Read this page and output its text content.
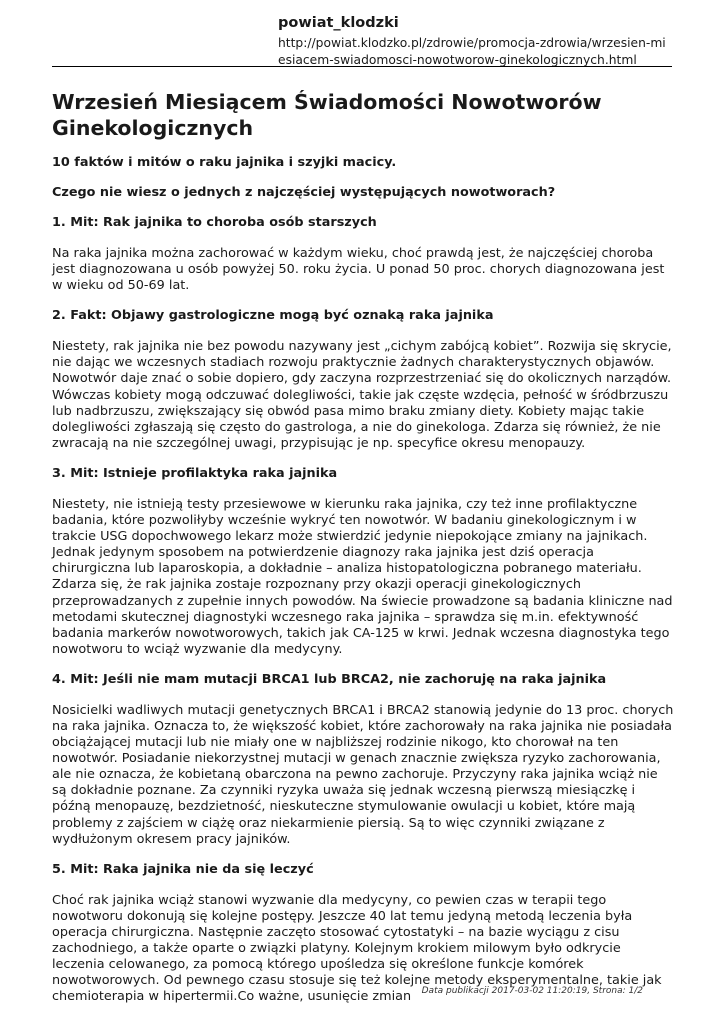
powiat_klodzki
http://powiat.klodzko.pl/zdrowie/promocja-zdrowia/wrzesien-mi
esiacem-swiadomosci-nowotworow-ginekologicznych.html
Wrzesień Miesiącem Świadomości Nowotworów Ginekologicznych
10 faktów i mitów o raku jajnika i szyjki macicy.
Czego nie wiesz o jednych z najczęściej występujących nowotworach?
1. Mit: Rak jajnika to choroba osób starszych
Na raka jajnika można zachorować w każdym wieku, choć prawdą jest, że najczęściej choroba jest diagnozowana u osób powyżej 50. roku życia. U ponad 50 proc. chorych diagnozowana jest w wieku od 50-69 lat.
2. Fakt: Objawy gastrologiczne mogą być oznaką raka jajnika
Niestety, rak jajnika nie bez powodu nazywany jest „cichym zabójcą kobiet”. Rozwija się skrycie, nie dając we wczesnych stadiach rozwoju praktycznie żadnych charakterystycznych objawów. Nowotwór daje znać o sobie dopiero, gdy zaczyna rozprzestrzeniać się do okolicznych narządów. Wówczas kobiety mogą odczuwać dolegliwości, takie jak częste wzdęcia, pełność w śródbrzuszu lub nadbrzuszu, zwiększający się obwód pasa mimo braku zmiany diety. Kobiety mając takie dolegliwości zgłaszają się często do gastrologa, a nie do ginekologa. Zdarza się również, że nie zwracają na nie szczególnej uwagi, przypisując je np. specyfice okresu menopauzy.
3. Mit: Istnieje profilaktyka raka jajnika
Niestety, nie istnieją testy przesiewowe w kierunku raka jajnika, czy też inne profilaktyczne badania, które pozwoliłyby wcześnie wykryć ten nowotwór. W badaniu ginekologicznym i w trakcie USG dopochwowego lekarz może stwierdzić jedynie niepokojące zmiany na jajnikach. Jednak jedynym sposobem na potwierdzenie diagnozy raka jajnika jest dziś operacja chirurgiczna lub laparoskopia, a dokładnie – analiza histopatologiczna pobranego materiału. Zdarza się, że rak jajnika zostaje rozpoznany przy okazji operacji ginekologicznych przeprowadzanych z zupełnie innych powodów. Na świecie prowadzone są badania kliniczne nad metodami skutecznej diagnostyki wczesnego raka jajnika – sprawdza się m.in. efektywność badania markerów nowotworowych, takich jak CA-125 w krwi. Jednak wczesna diagnostyka tego nowotworu to wciąż wyzwanie dla medycyny.
4. Mit: Jeśli nie mam mutacji BRCA1 lub BRCA2, nie zachoruję na raka jajnika
Nosicielki wadliwych mutacji genetycznych BRCA1 i BRCA2 stanowią jedynie do 13 proc. chorych na raka jajnika. Oznacza to, że większość kobiet, które zachorowały na raka jajnika nie posiadała obciążającej mutacji lub nie miały one w najbliższej rodzinie nikogo, kto chorował na ten nowotwór. Posiadanie niekorzystnej mutacji w genach znacznie zwiększa ryzyko zachorowania, ale nie oznacza, że kobietaną obarczona na pewno zachoruje. Przyczyny raka jajnika wciąż nie są dokładnie poznane. Za czynniki ryzyka uważa się jednak wczesną pierwszą miesiączkę i późną menopauzę, bezdzietność, nieskuteczne stymulowanie owulacji u kobiet, które mają problemy z zajściem w ciążę oraz niekarmienie piersią. Są to więc czynniki związane z wydłużonym okresem pracy jajników.
5. Mit: Raka jajnika nie da się leczyć
Choć rak jajnika wciąż stanowi wyzwanie dla medycyny, co pewien czas w terapii tego nowotworu dokonują się kolejne postępy. Jeszcze 40 lat temu jedyną metodą leczenia była operacja chirurgiczna. Następnie zaczęto stosować cytostatyki – na bazie wyciągu z cisu zachodniego, a także oparte o związki platyny. Kolejnym krokiem milowym było odkrycie leczenia celowanego, za pomocą którego upośledza się określone funkcje komórek nowotworowych. Od pewnego czasu stosuje się też kolejne metody eksperymentalne, takie jak chemioterapia w hipertermii.Co ważne, usunięcie zmian	Data publikacji 2017-03-02 11:20:19, Strona: 1/2
